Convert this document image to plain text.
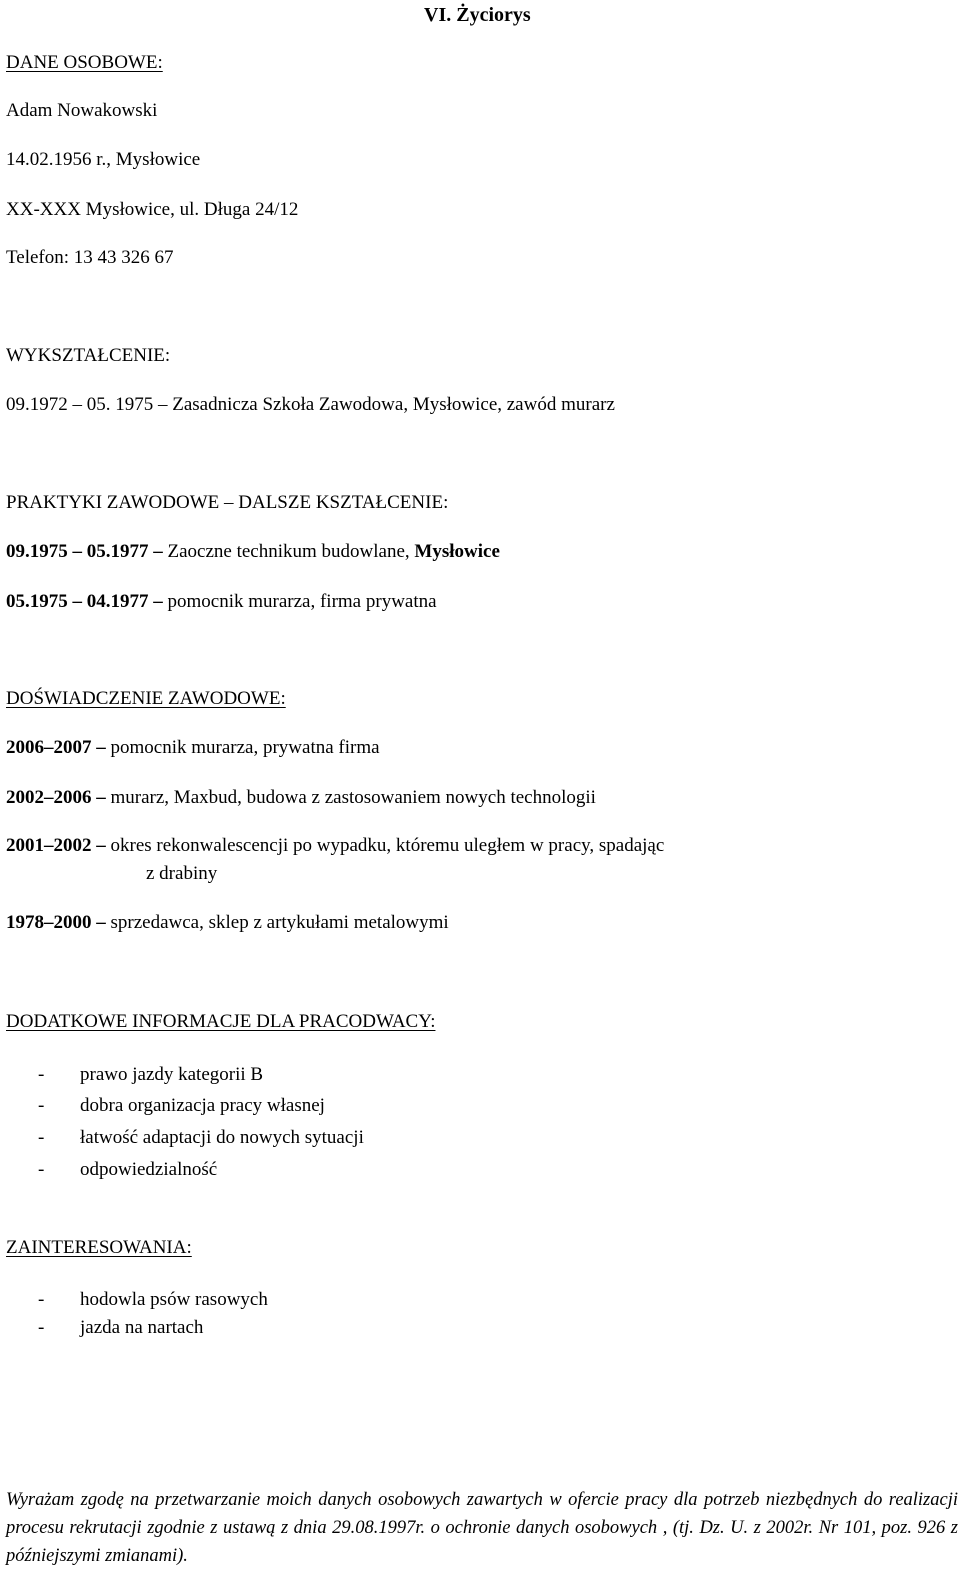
VI. Życiorys
DANE OSOBOWE:
Adam Nowakowski
14.02.1956 r., Mysłowice
XX-XXX Mysłowice, ul. Długa 24/12
Telefon: 13 43 326 67
WYKSZTAŁCENIE:
09.1972 – 05. 1975 – Zasadnicza Szkoła Zawodowa, Mysłowice, zawód murarz
PRAKTYKI ZAWODOWE – DALSZE KSZTAŁCENIE:
09.1975 – 05.1977 – Zaoczne technikum budowlane, Mysłowice
05.1975 – 04.1977 – pomocnik murarza, firma prywatna
DOŚWIADCZENIE ZAWODOWE:
2006–2007 – pomocnik murarza, prywatna firma
2002–2006 – murarz, Maxbud, budowa z zastosowaniem nowych technologii
2001–2002 – okres rekonwalescencji po wypadku, któremu uległem w pracy, spadając
z drabiny
1978–2000 – sprzedawca, sklep z artykułami metalowymi
DODATKOWE INFORMACJE DLA PRACODWACY:
- prawo jazdy kategorii B
- dobra organizacja pracy własnej
- łatwość adaptacji do nowych sytuacji
- odpowiedzialność
ZAINTERESOWANIA:
- hodowla psów rasowych
- jazda na nartach
Wyrażam zgodę na przetwarzanie moich danych osobowych zawartych w ofercie pracy dla potrzeb niezbędnych do realizacji procesu rekrutacji zgodnie z ustawą z dnia 29.08.1997r. o ochronie danych osobowych , (tj. Dz. U. z 2002r. Nr 101, poz. 926 z późniejszymi zmianami).
